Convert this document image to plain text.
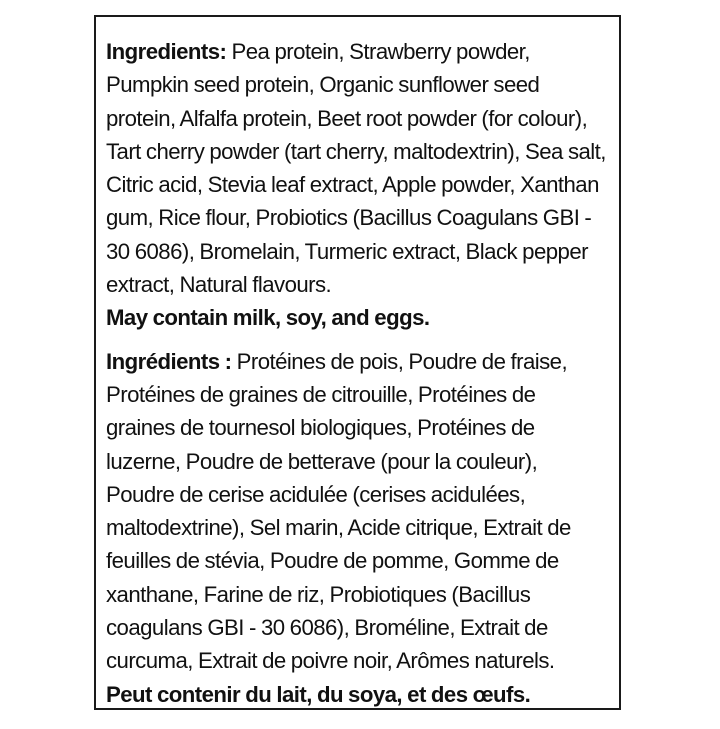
Ingredients: Pea protein, Strawberry powder, Pumpkin seed protein, Organic sunflower seed protein, Alfalfa protein, Beet root powder (for colour), Tart cherry powder (tart cherry, maltodextrin), Sea salt, Citric acid, Stevia leaf extract, Apple powder, Xanthan gum, Rice flour, Probiotics (Bacillus Coagulans GBI - 30 6086), Bromelain, Turmeric extract, Black pepper extract, Natural flavours.
May contain milk, soy, and eggs.
Ingrédients : Protéines de pois, Poudre de fraise, Protéines de graines de citrouille, Protéines de graines de tournesol biologiques, Protéines de luzerne, Poudre de betterave (pour la couleur), Poudre de cerise acidulée (cerises acidulées, maltodextrine), Sel marin, Acide citrique, Extrait de feuilles de stévia, Poudre de pomme, Gomme de xanthane, Farine de riz, Probiotiques (Bacillus coagulans GBI - 30 6086), Broméline, Extrait de curcuma, Extrait de poivre noir, Arômes naturels.
Peut contenir du lait, du soya, et des œufs.
